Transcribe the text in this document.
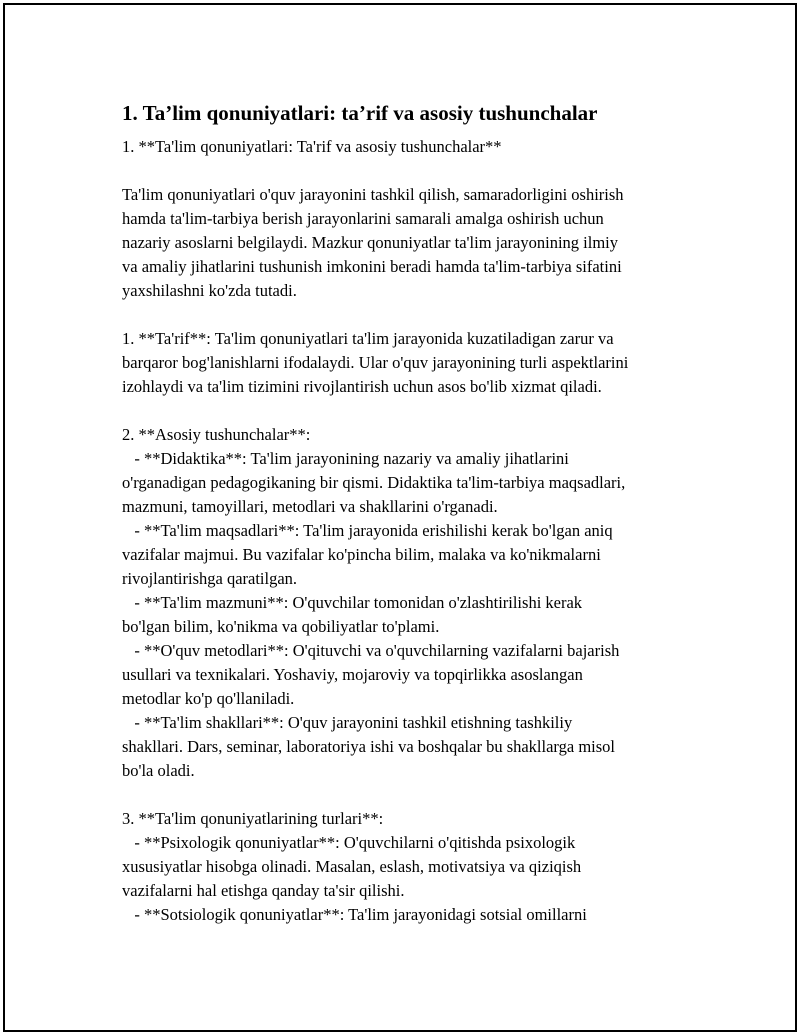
1. Ta’lim qonuniyatlari: ta’rif va asosiy tushunchalar
1. **Ta'lim qonuniyatlari: Ta'rif va asosiy tushunchalar**

Ta'lim qonuniyatlari o'quv jarayonini tashkil qilish, samaradorligini oshirish
hamda ta'lim-tarbiya berish jarayonlarini samarali amalga oshirish uchun
nazariy asoslarni belgilaydi. Mazkur qonuniyatlar ta'lim jarayonining ilmiy
va amaliy jihatlarini tushunish imkonini beradi hamda ta'lim-tarbiya sifatini
yaxshilashni ko'zda tutadi.

1. **Ta'rif**: Ta'lim qonuniyatlari ta'lim jarayonida kuzatiladigan zarur va
barqaror bog'lanishlarni ifodalaydi. Ular o'quv jarayonining turli aspektlarini
izohlaydi va ta'lim tizimini rivojlantirish uchun asos bo'lib xizmat qiladi.

2. **Asosiy tushunchalar**:
- **Didaktika**: Ta'lim jarayonining nazariy va amaliy jihatlarini
o'rganadigan pedagogikaning bir qismi. Didaktika ta'lim-tarbiya maqsadlari,
mazmuni, tamoyillari, metodlari va shakllarini o'rganadi.
- **Ta'lim maqsadlari**: Ta'lim jarayonida erishilishi kerak bo'lgan aniq
vazifalar majmui. Bu vazifalar ko'pincha bilim, malaka va ko'nikmalarni
rivojlantirishga qaratilgan.
- **Ta'lim mazmuni**: O'quvchilar tomonidan o'zlashtirilishi kerak
bo'lgan bilim, ko'nikma va qobiliyatlar to'plami.
- **O'quv metodlari**: O'qituvchi va o'quvchilarning vazifalarni bajarish
usullari va texnikalari. Yoshaviy, mojaroviy va topqirlikka asoslangan
metodlar ko'p qo'llaniladi.
- **Ta'lim shakllari**: O'quv jarayonini tashkil etishning tashkiliy
shakllari. Dars, seminar, laboratoriya ishi va boshqalar bu shakllarga misol
bo'la oladi.

3. **Ta'lim qonuniyatlarining turlari**:
- **Psixologik qonuniyatlar**: O'quvchilarni o'qitishda psixologik
xususiyatlar hisobga olinadi. Masalan, eslash, motivatsiya va qiziqish
vazifalarni hal etishga qanday ta'sir qilishi.
- **Sotsiologik qonuniyatlar**: Ta'lim jarayonidagi sotsial omillarni
